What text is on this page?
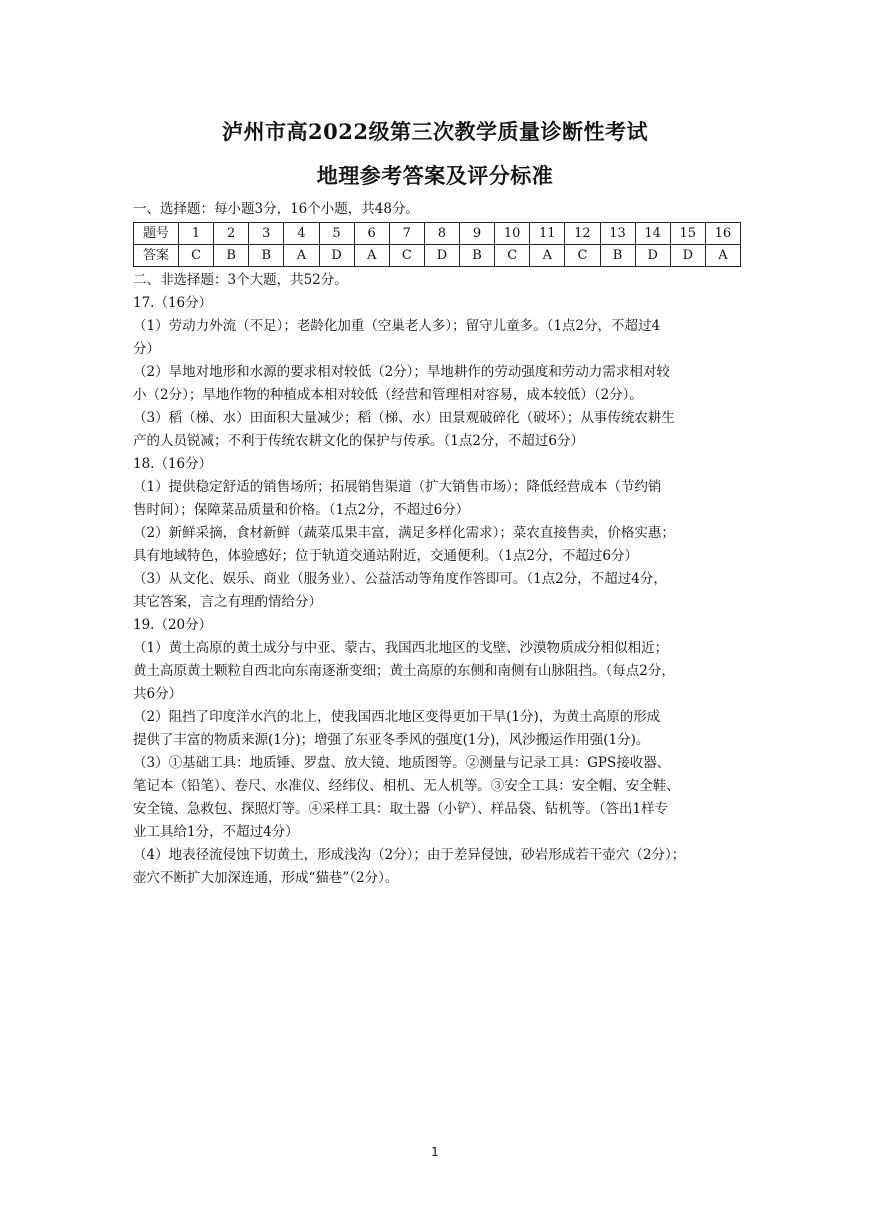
泸州市高2022级第三次教学质量诊断性考试
地理参考答案及评分标准

一、选择题：每小题3分，16个小题，共48分。

题号	1	2	3	4	5	6	7	8	9	10	11	12	13	14	15	16
答案	C	B	B	A	D	A	C	D	B	C	A	C	B	D	D	A

二、非选择题：3个大题，共52分。

17.（16分）

（1）劳动力外流（不足）；老龄化加重（空巢老人多）；留守儿童多。（1点2分，不超过4

分）

（2）旱地对地形和水源的要求相对较低（2分）；旱地耕作的劳动强度和劳动力需求相对较

小（2分）；旱地作物的种植成本相对较低（经营和管理相对容易，成本较低）（2分）。

（3）稻（梯、水）田面积大量减少；稻（梯、水）田景观破碎化（破坏）；从事传统农耕生

产的人员锐减；不利于传统农耕文化的保护与传承。（1点2分，不超过6分）

18.（16分）

（1）提供稳定舒适的销售场所；拓展销售渠道（扩大销售市场）；降低经营成本（节约销

售时间）；保障菜品质量和价格。（1点2分，不超过6分）

（2）新鲜采摘，食材新鲜（蔬菜瓜果丰富，满足多样化需求）；菜农直接售卖，价格实惠；

具有地域特色，体验感好；位于轨道交通站附近，交通便利。（1点2分，不超过6分）

（3）从文化、娱乐、商业（服务业）、公益活动等角度作答即可。（1点2分，不超过4分，

其它答案，言之有理酌情给分）

19.（20分）

（1）黄土高原的黄土成分与中亚、蒙古、我国西北地区的戈壁、沙漠物质成分相似相近；

黄土高原黄土颗粒自西北向东南逐渐变细；黄土高原的东侧和南侧有山脉阻挡。（每点2分，

共6分）

（2）阻挡了印度洋水汽的北上，使我国西北地区变得更加干旱(1分)，为黄土高原的形成

提供了丰富的物质来源(1分)；增强了东亚冬季风的强度(1分)，风沙搬运作用强(1分)。

（3）①基础工具：地质锤、罗盘、放大镜、地质图等。②测量与记录工具：GPS接收器、

笔记本（铅笔）、卷尺、水准仪、经纬仪、相机、无人机等。③安全工具：安全帽、安全鞋、

安全镜、急救包、探照灯等。④采样工具：取土器（小铲）、样品袋、钻机等。（答出1样专

业工具给1分，不超过4分）

（4）地表径流侵蚀下切黄土，形成浅沟（2分）；由于差异侵蚀，砂岩形成若干壶穴（2分）；

壶穴不断扩大加深连通，形成“猫巷”（2分）。

1
